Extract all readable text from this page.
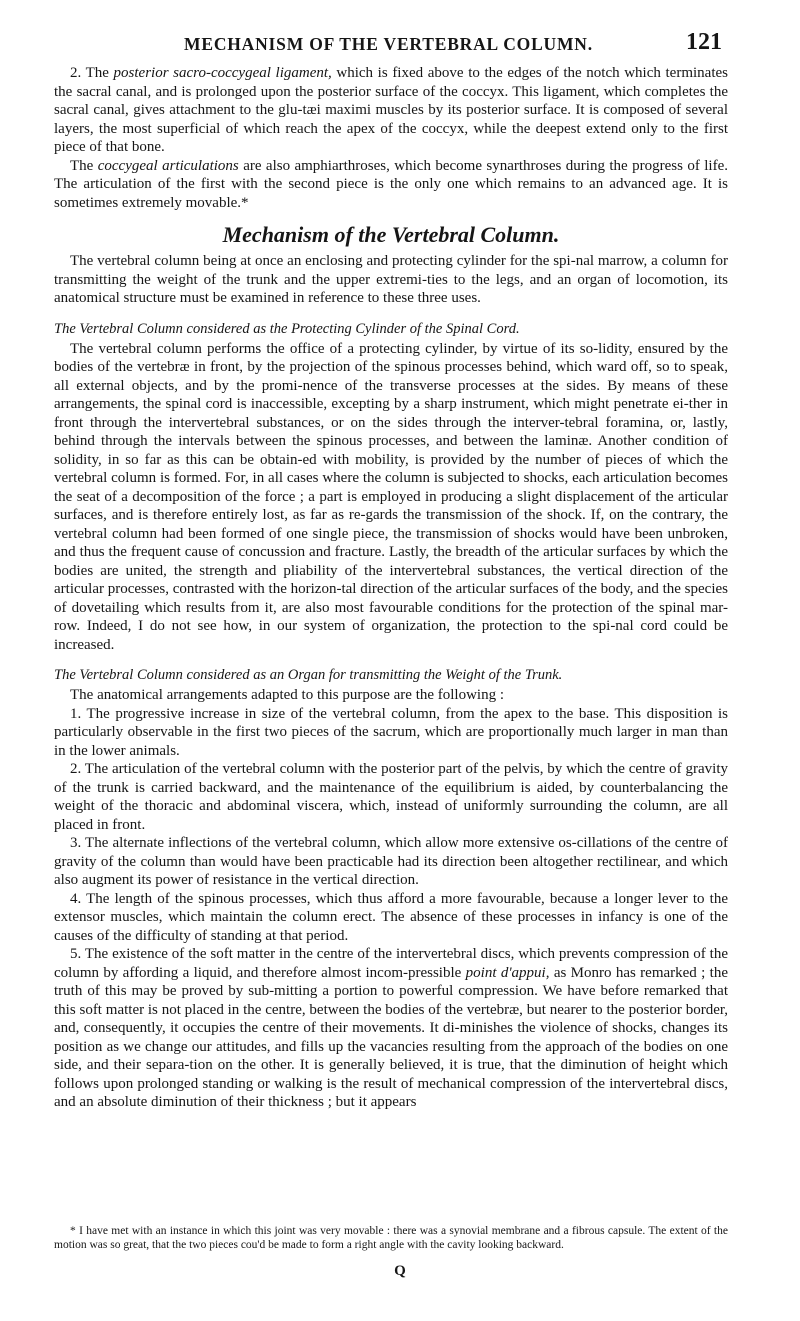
MECHANISM OF THE VERTEBRAL COLUMN.	121

2. The posterior sacro-coccygeal ligament, which is fixed above to the edges of the notch which terminates the sacral canal, and is prolonged upon the posterior surface of the coccyx. This ligament, which completes the sacral canal, gives attachment to the glu-tæi maximi muscles by its posterior surface. It is composed of several layers, the most superficial of which reach the apex of the coccyx, while the deepest extend only to the first piece of that bone.

The coccygeal articulations are also amphiarthroses, which become synarthroses during the progress of life. The articulation of the first with the second piece is the only one which remains to an advanced age. It is sometimes extremely movable.*

Mechanism of the Vertebral Column.

The vertebral column being at once an enclosing and protecting cylinder for the spi-nal marrow, a column for transmitting the weight of the trunk and the upper extremi-ties to the legs, and an organ of locomotion, its anatomical structure must be examined in reference to these three uses.

The Vertebral Column considered as the Protecting Cylinder of the Spinal Cord.

The vertebral column performs the office of a protecting cylinder, by virtue of its so-lidity, ensured by the bodies of the vertebræ in front, by the projection of the spinous processes behind, which ward off, so to speak, all external objects, and by the promi-nence of the transverse processes at the sides. By means of these arrangements, the spinal cord is inaccessible, excepting by a sharp instrument, which might penetrate ei-ther in front through the intervertebral substances, or on the sides through the interver-tebral foramina, or, lastly, behind through the intervals between the spinous processes, and between the laminæ. Another condition of solidity, in so far as this can be obtain-ed with mobility, is provided by the number of pieces of which the vertebral column is formed. For, in all cases where the column is subjected to shocks, each articulation becomes the seat of a decomposition of the force ; a part is employed in producing a slight displacement of the articular surfaces, and is therefore entirely lost, as far as re-gards the transmission of the shock. If, on the contrary, the vertebral column had been formed of one single piece, the transmission of shocks would have been unbroken, and thus the frequent cause of concussion and fracture. Lastly, the breadth of the articular surfaces by which the bodies are united, the strength and pliability of the intervertebral substances, the vertical direction of the articular processes, contrasted with the horizon-tal direction of the articular surfaces of the body, and the species of dovetailing which results from it, are also most favourable conditions for the protection of the spinal mar-row. Indeed, I do not see how, in our system of organization, the protection to the spi-nal cord could be increased.

The Vertebral Column considered as an Organ for transmitting the Weight of the Trunk.

The anatomical arrangements adapted to this purpose are the following :

1. The progressive increase in size of the vertebral column, from the apex to the base. This disposition is particularly observable in the first two pieces of the sacrum, which are proportionally much larger in man than in the lower animals.

2. The articulation of the vertebral column with the posterior part of the pelvis, by which the centre of gravity of the trunk is carried backward, and the maintenance of the equilibrium is aided, by counterbalancing the weight of the thoracic and abdominal viscera, which, instead of uniformly surrounding the column, are all placed in front.

3. The alternate inflections of the vertebral column, which allow more extensive os-cillations of the centre of gravity of the column than would have been practicable had its direction been altogether rectilinear, and which also augment its power of resistance in the vertical direction.

4. The length of the spinous processes, which thus afford a more favourable, because a longer lever to the extensor muscles, which maintain the column erect. The absence of these processes in infancy is one of the causes of the difficulty of standing at that period.

5. The existence of the soft matter in the centre of the intervertebral discs, which prevents compression of the column by affording a liquid, and therefore almost incom-pressible point d'appui, as Monro has remarked ; the truth of this may be proved by sub-mitting a portion to powerful compression. We have before remarked that this soft matter is not placed in the centre, between the bodies of the vertebræ, but nearer to the posterior border, and, consequently, it occupies the centre of their movements. It di-minishes the violence of shocks, changes its position as we change our attitudes, and fills up the vacancies resulting from the approach of the bodies on one side, and their separa-tion on the other. It is generally believed, it is true, that the diminution of height which follows upon prolonged standing or walking is the result of mechanical compression of the intervertebral discs, and an absolute diminution of their thickness ; but it appears

* I have met with an instance in which this joint was very movable : there was a synovial membrane and a fibrous capsule. The extent of the motion was so great, that the two pieces cou'd be made to form a right angle with the cavity looking backward.

Q
